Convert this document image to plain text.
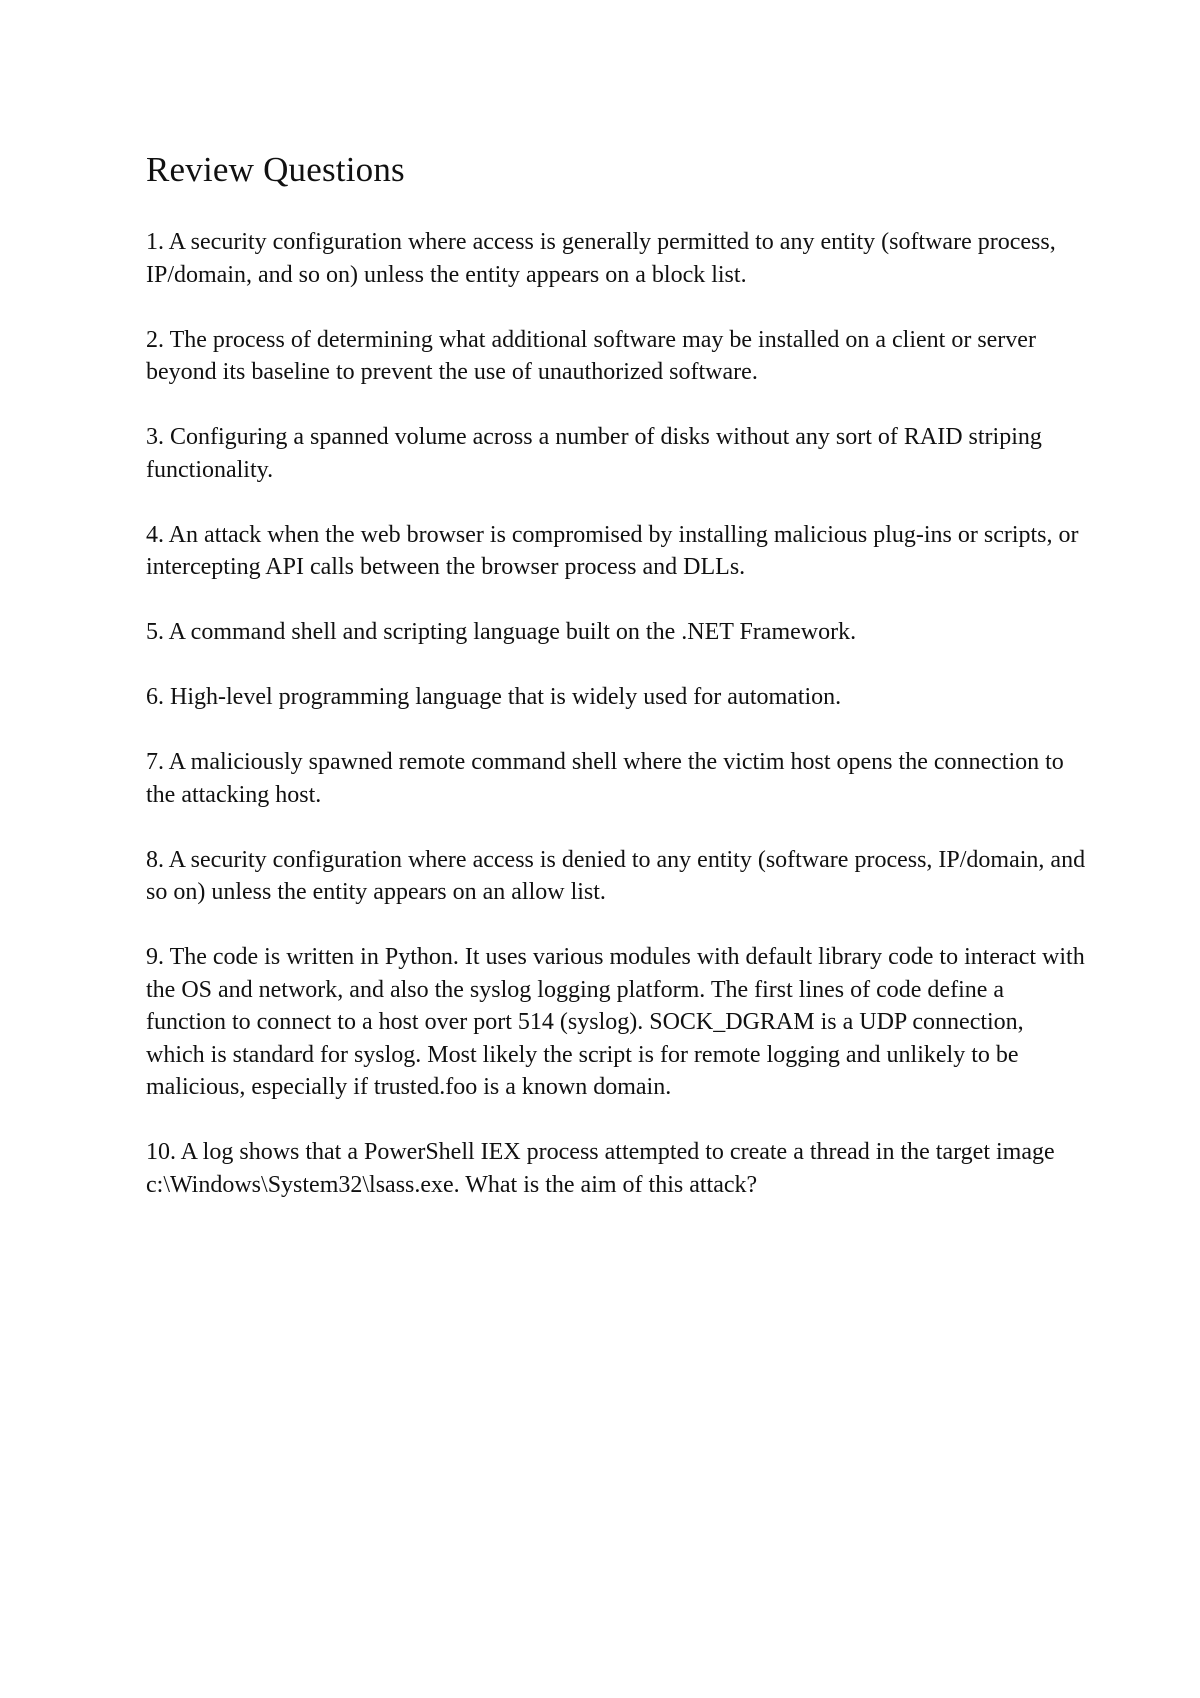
Review Questions
1. A security configuration where access is generally permitted to any entity (software process, IP/domain, and so on) unless the entity appears on a block list.
2. The process of determining what additional software may be installed on a client or server beyond its baseline to prevent the use of unauthorized software.
3. Configuring a spanned volume across a number of disks without any sort of RAID striping functionality.
4. An attack when the web browser is compromised by installing malicious plug-ins or scripts, or intercepting API calls between the browser process and DLLs.
5. A command shell and scripting language built on the .NET Framework.
6. High-level programming language that is widely used for automation.
7. A maliciously spawned remote command shell where the victim host opens the connection to the attacking host.
8. A security configuration where access is denied to any entity (software process, IP/domain, and so on) unless the entity appears on an allow list.
9. The code is written in Python. It uses various modules with default library code to interact with the OS and network, and also the syslog logging platform. The first lines of code define a function to connect to a host over port 514 (syslog). SOCK_DGRAM is a UDP connection, which is standard for syslog. Most likely the script is for remote logging and unlikely to be malicious, especially if trusted.foo is a known domain.
10. A log shows that a PowerShell IEX process attempted to create a thread in the target image c:\Windows\System32\lsass.exe. What is the aim of this attack?
